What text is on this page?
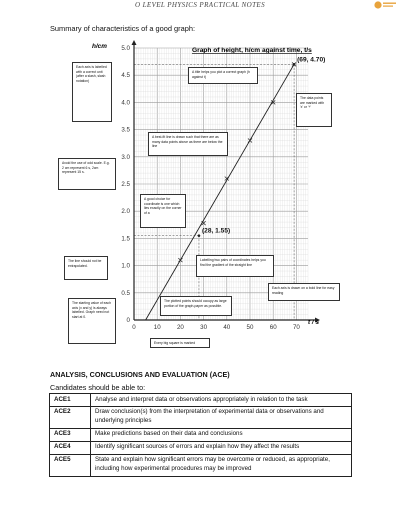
O LEVEL PHYSICS PRACTICAL NOTES
Summary of characteristics of a good graph:
0
0.5
1.0
1.5
2.0
2.5
3.0
3.5
4.0
4.5
5.0
0	10	20	30	40	50	60	70
(28, 1.55)
(69, 4.70)
Graph of height, h/cm against time, t/s
h/cm
t / s
Each axis is labelled with a correct unit (after a slash, slash notation)
A title helps you plot a correct graph (h against t)
The data points are marked with 'x' or '+'
A best-fit line is drawn such that there are as many data points above as there are below the line
Avoid the use of odd scale. E.g. 2 cm represent 6 s, 2cm represent 15 s.
A good choice for coordinate is one which lies exactly on the corner of a
The line should not be extrapolated.
Labelling two pairs of coordinates helps you find the gradient of the straight line
Each axis is drawn on a bold line for easy reading
The plotted points should occupy as large portion of the graph-paper as possible.
The starting value of each axis (x and y) is always labelled. Graph need not start at 0.
Every big square is marked
ANALYSIS, CONCLUSIONS AND EVALUATION (ACE)
Candidates should be able to:
ACE1	Analyse and interpret data or observations appropriately in relation to the task
ACE2	Draw conclusion(s) from the interpretation of experimental data or observations and underlying principles
ACE3	Make predictions based on their data and conclusions
ACE4	Identify significant sources of errors and explain how they affect the results
ACE5	State and explain how significant errors may be overcome or reduced, as appropriate, including how experimental procedures may be improved
